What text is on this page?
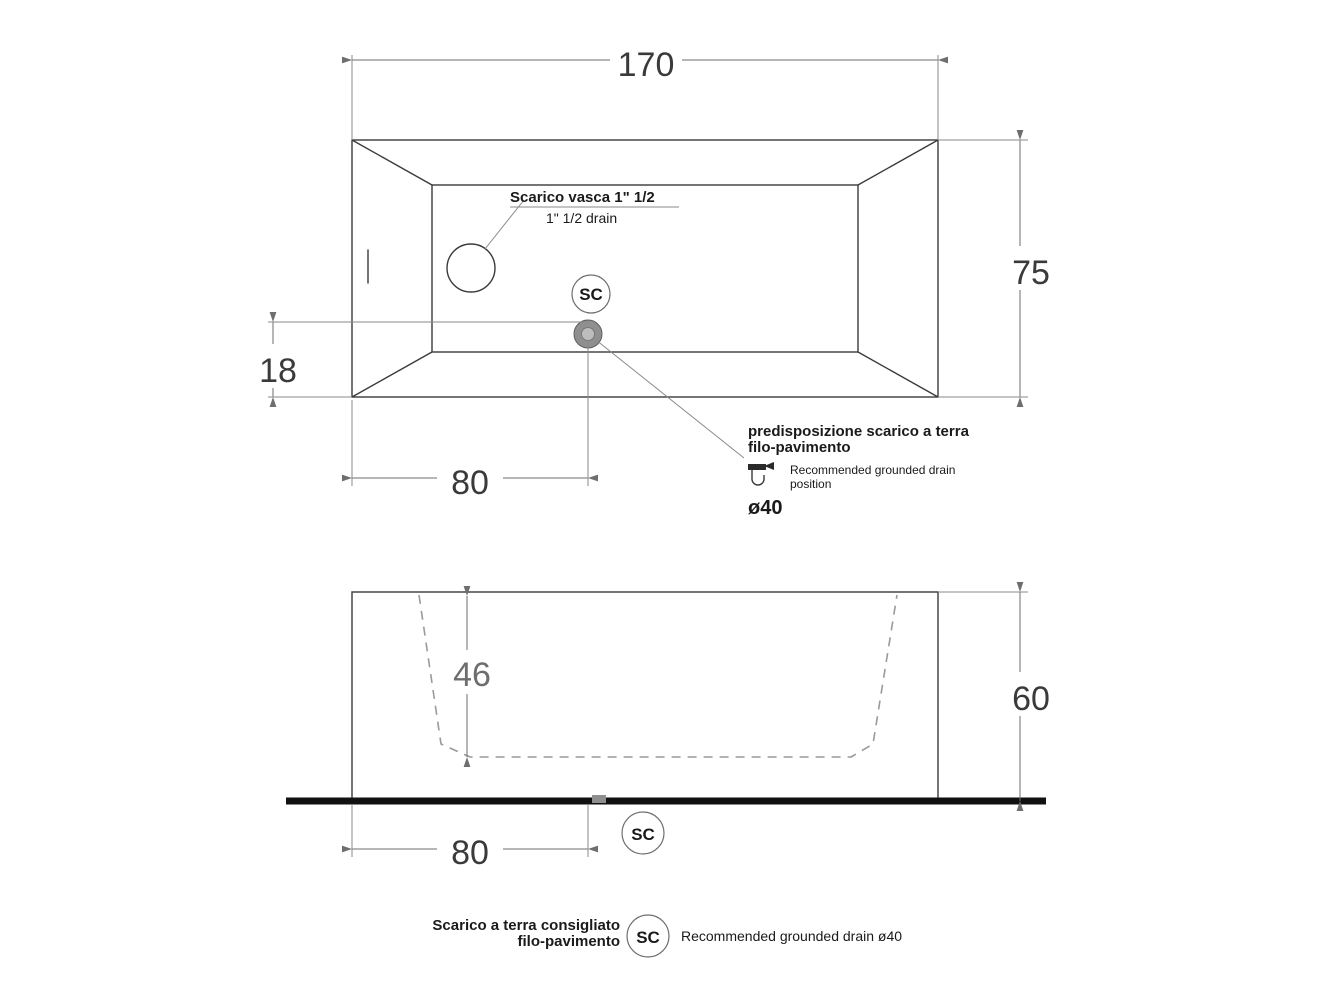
170
75
18
80
Scarico vasca 1" 1/2
1" 1/2 drain
predisposizione scarico a terra
filo-pavimento
Recommended grounded drain
position
ø40
SC
60
46
80	SC
Scarico a terra consigliato
filo-pavimento SC Recommended grounded drain ø40
